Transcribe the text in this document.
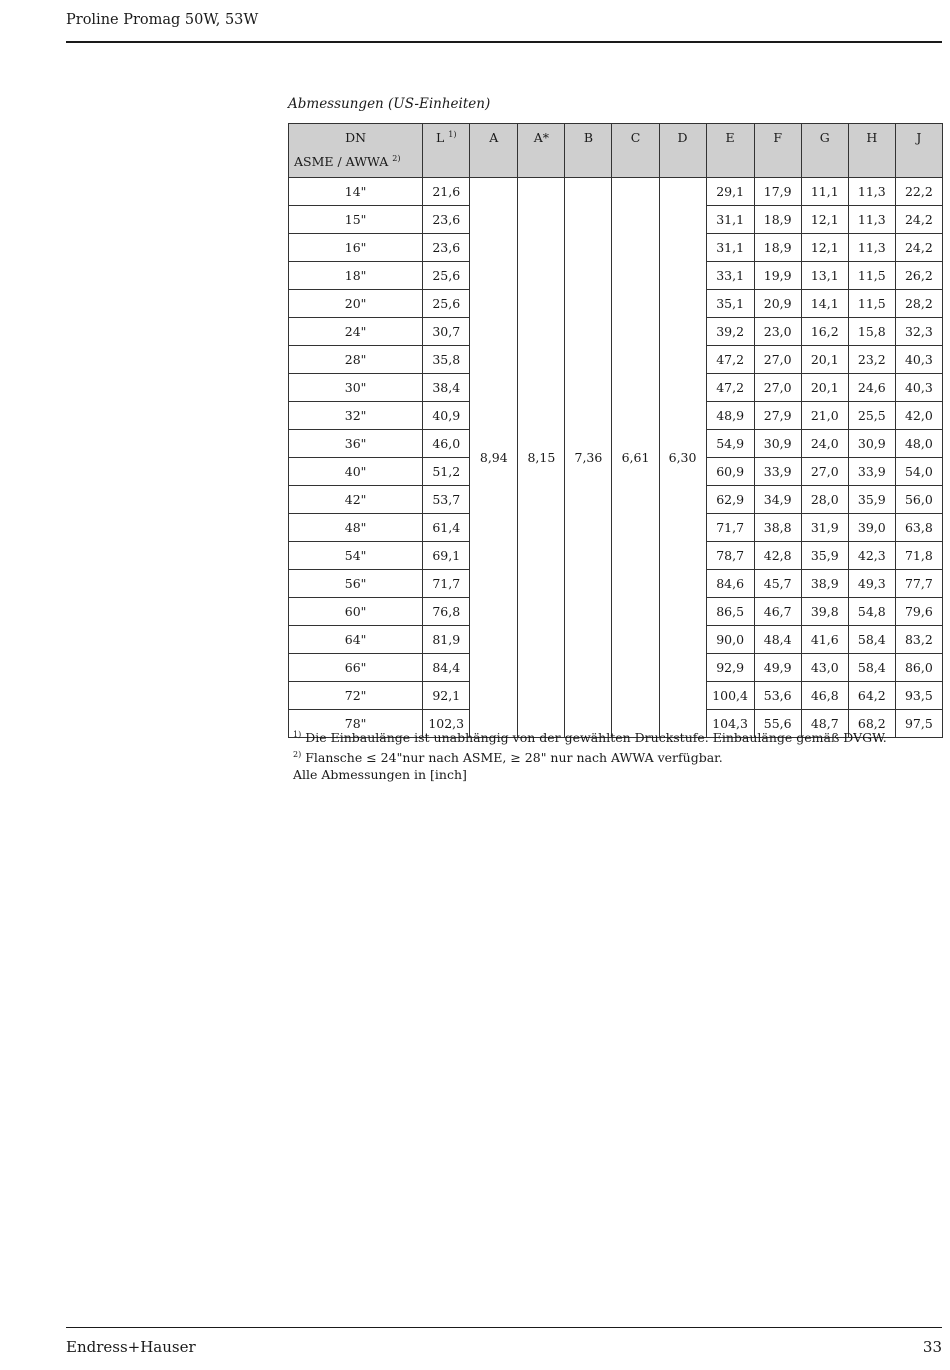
Proline Promag 50W, 53W
Abmessungen (US-Einheiten)
DN
ASME / AWWA $^{2)}$	L $^{1)}$	A	A*	B	C	D	E	F	G	H	J
14"	21,6	8,94	8,15	7,36	6,61	6,30	29,1	17,9	11,1	11,3	22,2
15"	23,6						31,1	18,9	12,1	11,3	24,2
16"	23,6						31,1	18,9	12,1	11,3	24,2
18"	25,6						33,1	19,9	13,1	11,5	26,2
20"	25,6						35,1	20,9	14,1	11,5	28,2
24"	30,7						39,2	23,0	16,2	15,8	32,3
28"	35,8						47,2	27,0	20,1	23,2	40,3
30"	38,4						47,2	27,0	20,1	24,6	40,3
32"	40,9						48,9	27,9	21,0	25,5	42,0
36"	46,0						54,9	30,9	24,0	30,9	48,0
40"	51,2						60,9	33,9	27,0	33,9	54,0
42"	53,7						62,9	34,9	28,0	35,9	56,0
48"	61,4						71,7	38,8	31,9	39,0	63,8
54"	69,1						78,7	42,8	35,9	42,3	71,8
56"	71,7						84,6	45,7	38,9	49,3	77,7
60"	76,8						86,5	46,7	39,8	54,8	79,6
64"	81,9						90,0	48,4	41,6	58,4	83,2
66"	84,4						92,9	49,9	43,0	58,4	86,0
72"	92,1						100,4	53,6	46,8	64,2	93,5
78"	102,3						104,3	55,6	48,7	68,2	97,5
$^{1)}$ Die Einbaulänge ist unabhängig von der gewählten Druckstufe. Einbaulänge gemäß DVGW.
$^{2)}$ Flansche ≤ 24"nur nach ASME, ≥ 28" nur nach AWWA verfügbar.
Alle Abmessungen in [inch]
Endress+Hauser	33
